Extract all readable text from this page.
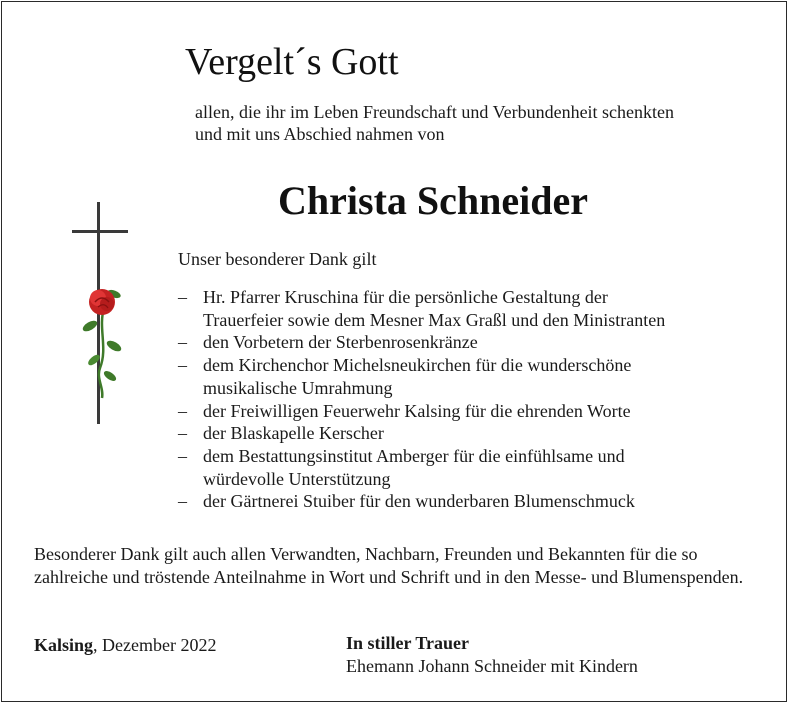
Vergelt´s Gott
allen, die ihr im Leben Freundschaft und Verbundenheit schenkten
und mit uns Abschied nahmen von
Christa Schneider
Unser besonderer Dank gilt
– Hr. Pfarrer Kruschina für die persönliche Gestaltung der
Trauerfeier sowie dem Mesner Max Graßl und den Ministranten
– den Vorbetern der Sterbenrosenkränze
– dem Kirchenchor Michelsneukirchen für die wunderschöne
musikalische Umrahmung
– der Freiwilligen Feuerwehr Kalsing für die ehrenden Worte
– der Blaskapelle Kerscher
– dem Bestattungsinstitut Amberger für die einfühlsame und
würdevolle Unterstützung
– der Gärtnerei Stuiber für den wunderbaren Blumenschmuck
Besonderer Dank gilt auch allen Verwandten, Nachbarn, Freunden und Bekannten für die so zahlreiche und tröstende Anteilnahme in Wort und Schrift und in den Messe- und Blumenspenden.
Kalsing, Dezember 2022	In stiller Trauer
Ehemann Johann Schneider mit Kindern
